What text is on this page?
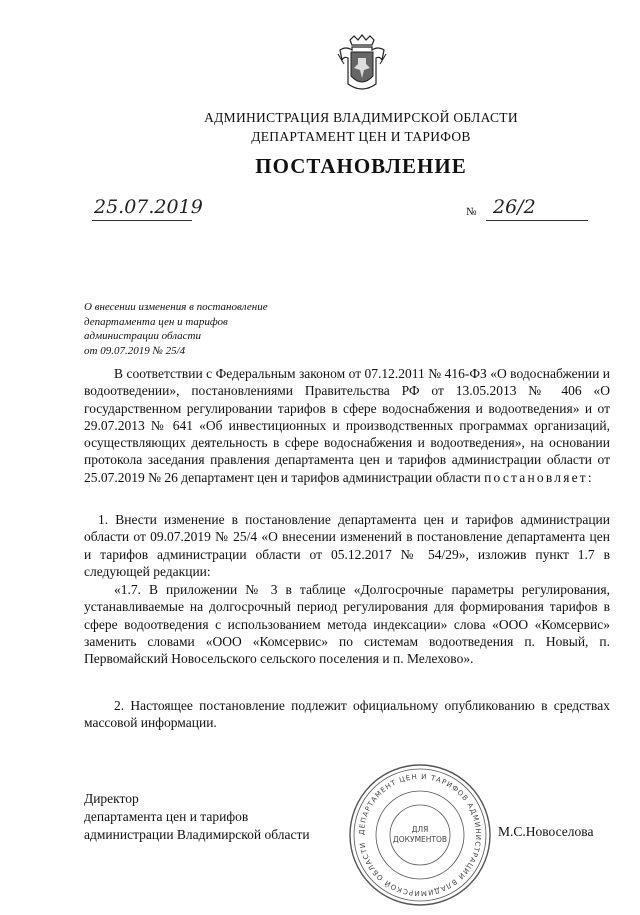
АДМИНИСТРАЦИЯ ВЛАДИМИРСКОЙ ОБЛАСТИ
ДЕПАРТАМЕНТ ЦЕН И ТАРИФОВ
ПОСТАНОВЛЕНИЕ
25.07.2019	№ 26/2
О внесении изменения в постановление
департамента цен и тарифов
администрации области
от 09.07.2019 № 25/4
В соответствии с Федеральным законом от 07.12.2011 № 416-ФЗ «О водоснабжении и водоотведении», постановлениями Правительства РФ от 13.05.2013 № 406 «О государственном регулировании тарифов в сфере водоснабжения и водоотведения» и от 29.07.2013 № 641 «Об инвестиционных и производственных программах организаций, осуществляющих деятельность в сфере водоснабжения и водоотведения», на основании протокола заседания правления департамента цен и тарифов администрации области от 25.07.2019 № 26 департамент цен и тарифов администрации области постановляет:
1. Внести изменение в постановление департамента цен и тарифов администрации области от 09.07.2019 № 25/4 «О внесении изменений в постановление департамента цен и тарифов администрации области от 05.12.2017 № 54/29», изложив пункт 1.7 в следующей редакции:
«1.7. В приложении № 3 в таблице «Долгосрочные параметры регулирования, устанавливаемые на долгосрочный период регулирования для формирования тарифов в сфере водоотведения с использованием метода индексации» слова «ООО «Комсервис» заменить словами «ООО «Комсервис» по системам водоотведения п. Новый, п. Первомайский Новосельского сельского поселения и п. Мелехово».
2. Настоящее постановление подлежит официальному опубликованию в средствах массовой информации.
Директор
департамента цен и тарифов
администрации Владимирской области	М.С.Новоселова
ДЕПАРТАМЕНТ ЦЕН И ТАРИФОВ АДМИНИСТРАЦИИ ВЛАДИМИРСКОЙ ОБЛАСТИ
ДЛЯ
ДОКУМЕНТОВ
